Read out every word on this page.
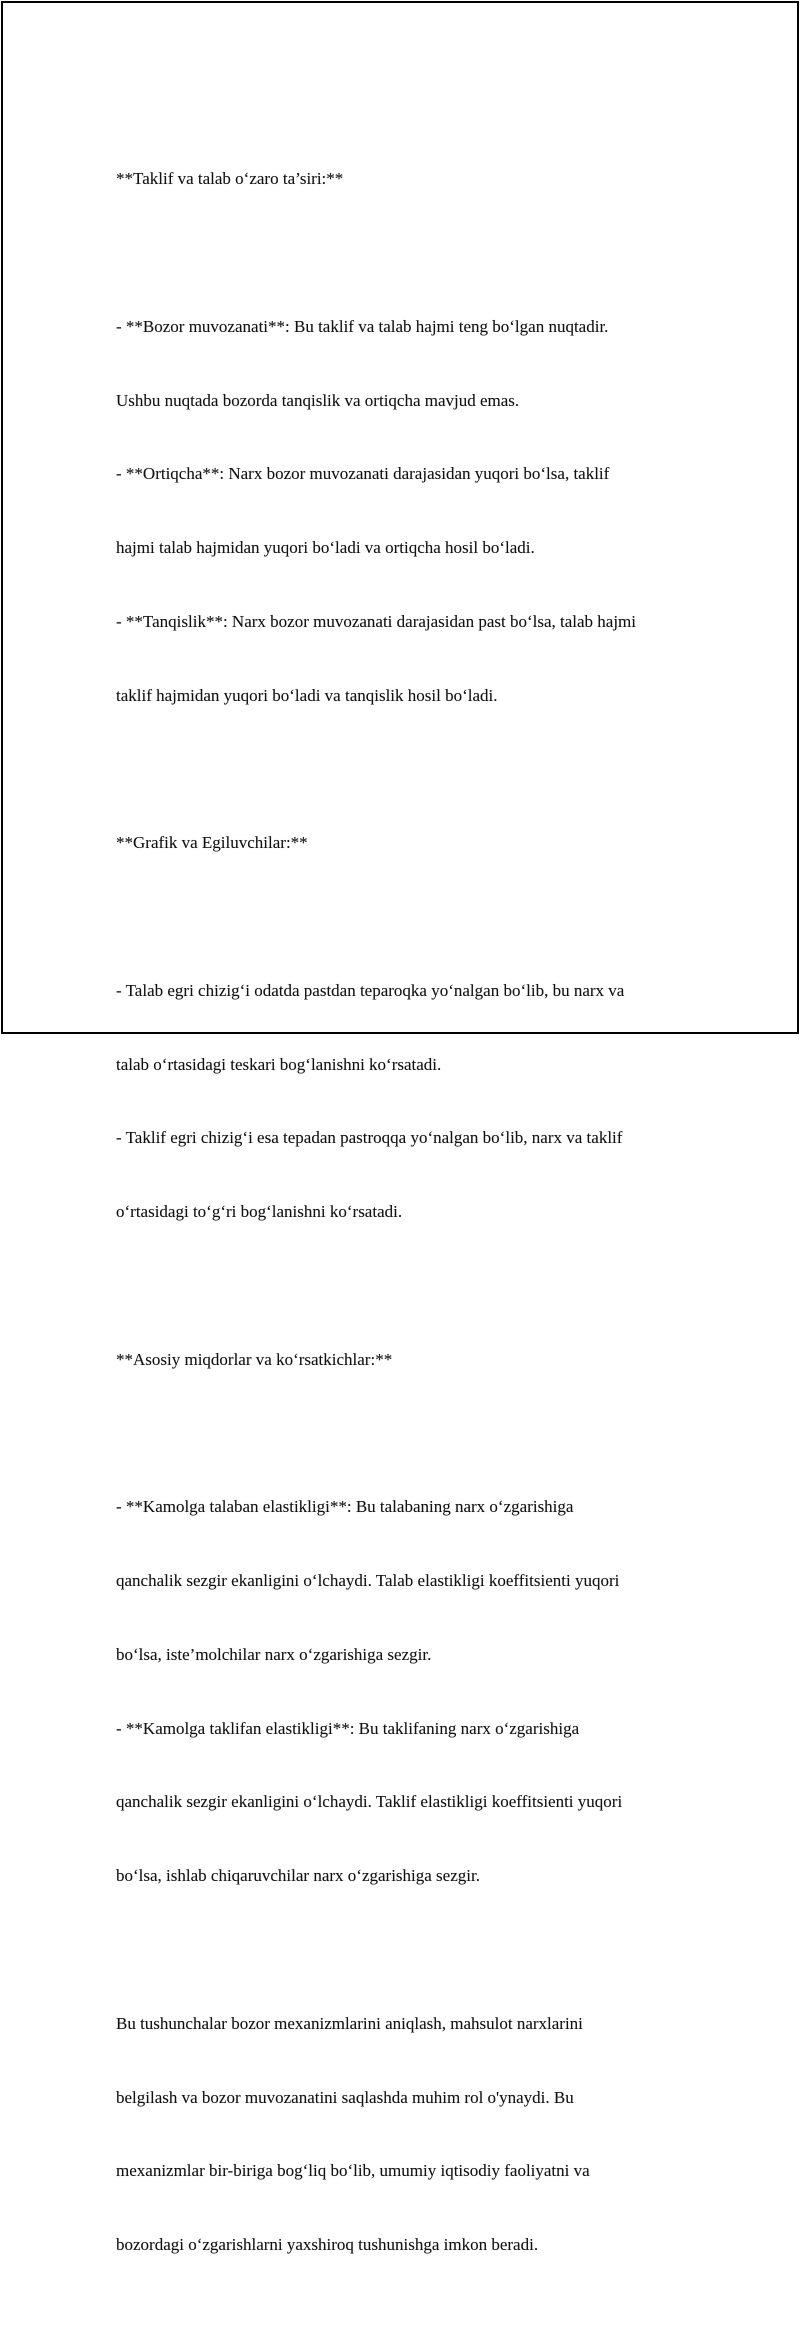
**Taklif va talab o‘zaro ta’siri:**

- **Bozor muvozanati**: Bu taklif va talab hajmi teng bo‘lgan nuqtadir.

Ushbu nuqtada bozorda tanqislik va ortiqcha mavjud emas.

- **Ortiqcha**: Narx bozor muvozanati darajasidan yuqori bo‘lsa, taklif

hajmi talab hajmidan yuqori bo‘ladi va ortiqcha hosil bo‘ladi.

- **Tanqislik**: Narx bozor muvozanati darajasidan past bo‘lsa, talab hajmi

taklif hajmidan yuqori bo‘ladi va tanqislik hosil bo‘ladi.

**Grafik va Egiluvchilar:**

- Talab egri chizig‘i odatda pastdan teparoqka yo‘nalgan bo‘lib, bu narx va

talab o‘rtasidagi teskari bog‘lanishni ko‘rsatadi.

- Taklif egri chizig‘i esa tepadan pastroqqa yo‘nalgan bo‘lib, narx va taklif

o‘rtasidagi to‘g‘ri bog‘lanishni ko‘rsatadi.

**Asosiy miqdorlar va ko‘rsatkichlar:**

- **Kamolga talaban elastikligi**: Bu talabaning narx o‘zgarishiga

qanchalik sezgir ekanligini o‘lchaydi. Talab elastikligi koeffitsienti yuqori

bo‘lsa, iste’molchilar narx o‘zgarishiga sezgir.

- **Kamolga taklifan elastikligi**: Bu taklifaning narx o‘zgarishiga

qanchalik sezgir ekanligini o‘lchaydi. Taklif elastikligi koeffitsienti yuqori

bo‘lsa, ishlab chiqaruvchilar narx o‘zgarishiga sezgir.

Bu tushunchalar bozor mexanizmlarini aniqlash, mahsulot narxlarini

belgilash va bozor muvozanatini saqlashda muhim rol o'ynaydi. Bu

mexanizmlar bir-biriga bog‘liq bo‘lib, umumiy iqtisodiy faoliyatni va

bozordagi o‘zgarishlarni yaxshiroq tushunishga imkon beradi.
